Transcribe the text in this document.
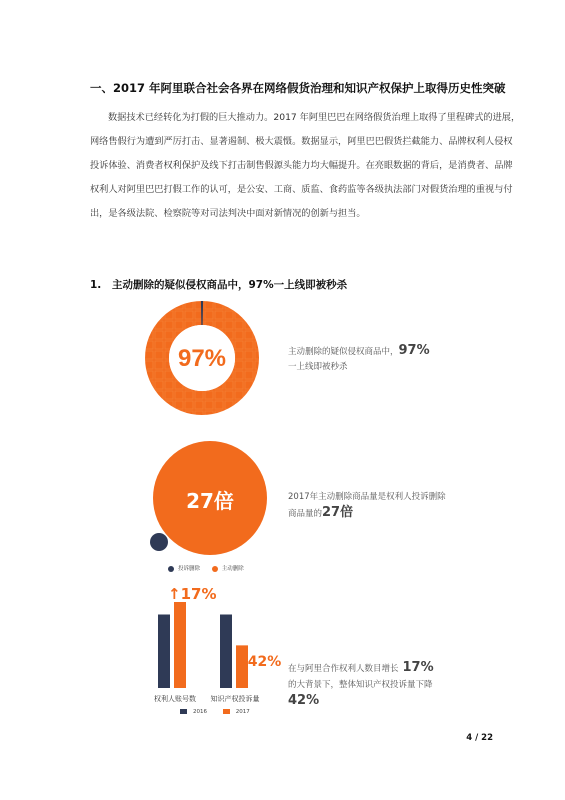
一、2017 年阿里联合社会各界在网络假货治理和知识产权保护上取得历史性突破
数据技术已经转化为打假的巨大推动力。2017 年阿里巴巴在网络假货治理上取得了里程碑式的进展，
网络售假行为遭到严厉打击、显著遏制、极大震慑。数据显示，阿里巴巴假货拦截能力、品牌权利人侵权
投诉体验、消费者权利保护及线下打击制售假源头能力均大幅提升。在亮眼数据的背后，是消费者、品牌
权利人对阿里巴巴打假工作的认可，是公安、工商、质监、食药监等各级执法部门对假货治理的重视与付
出，是各级法院、检察院等对司法判决中面对新情况的创新与担当。
1. 主动删除的疑似侵权商品中，97%一上线即被秒杀
97%	主动删除的疑似侵权商品中，97%
一上线即被秒杀
27倍	2017年主动删除商品量是权利人投诉删除
商品量的27倍
投诉删除	主动删除
↑17%
↓42%
权利人账号数 知识产权投诉量
2016	2017
在与阿里合作权利人数目增长 17%
的大背景下，整体知识产权投诉量下降
42%
4 / 22
